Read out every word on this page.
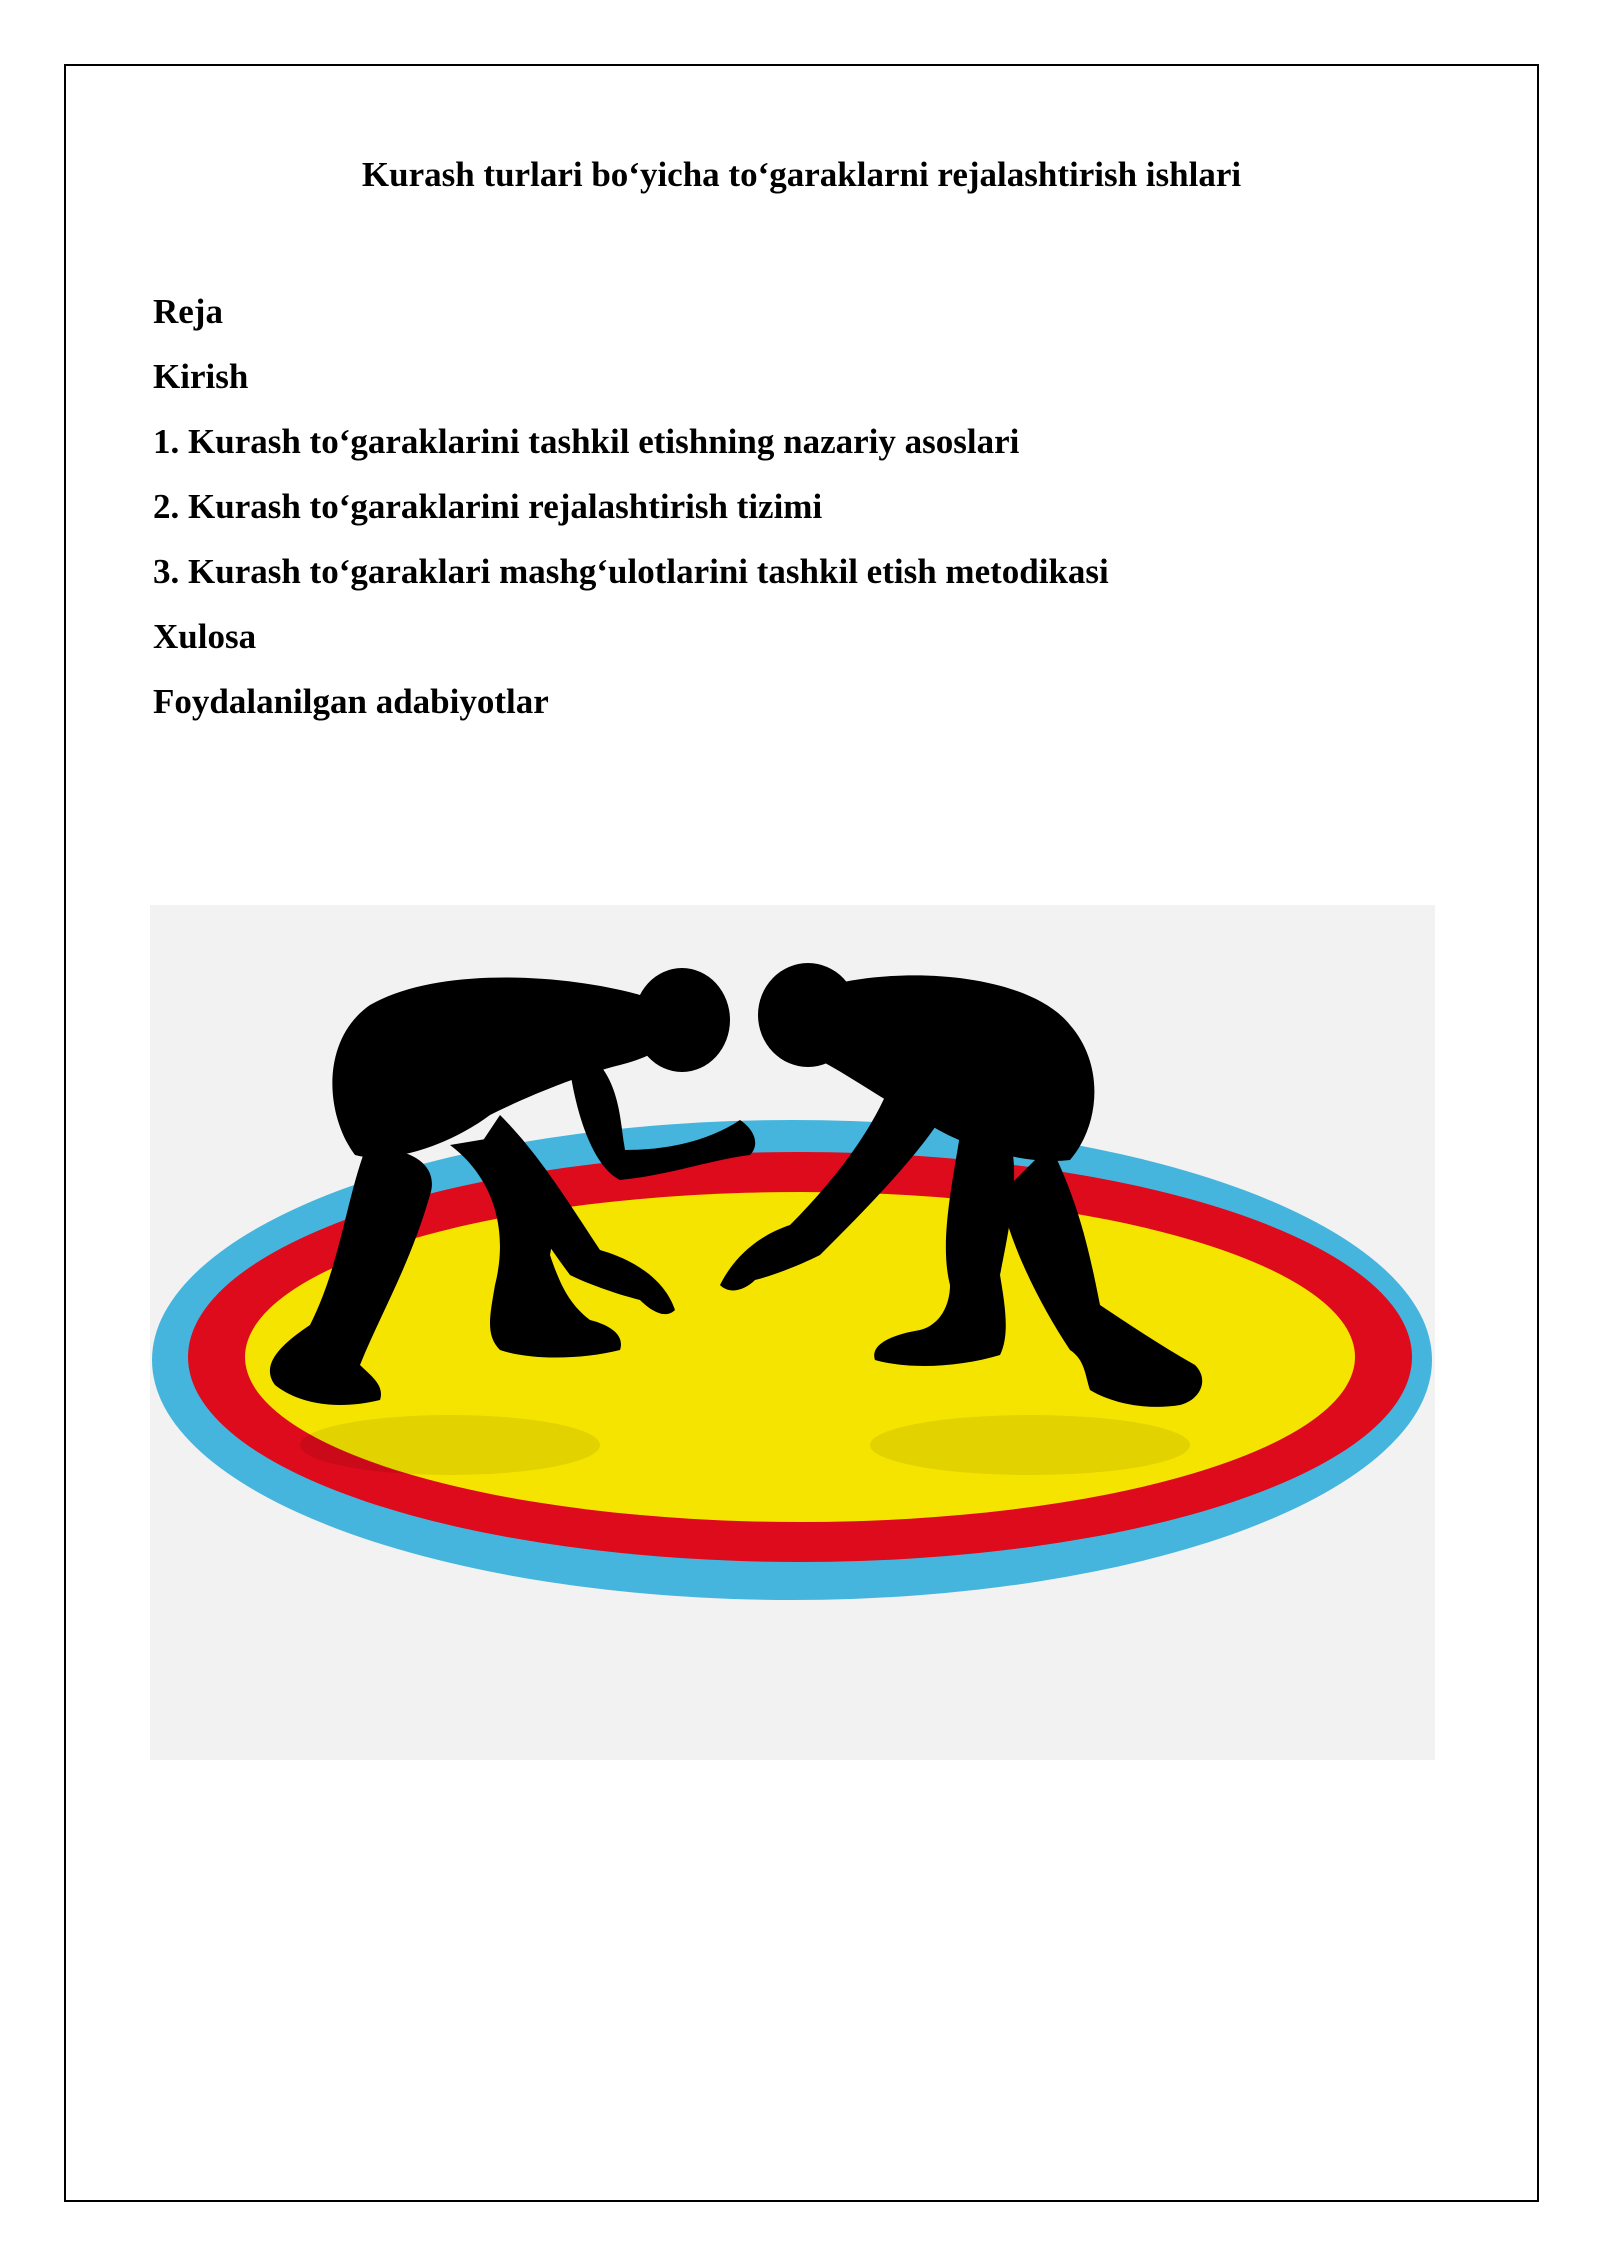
Kurash turlari bo‘yicha to‘garaklarni rejalashtirish ishlari
Reja
Kirish
1. Kurash to‘garaklarini tashkil etishning nazariy asoslari
2. Kurash to‘garaklarini rejalashtirish tizimi
3. Kurash to‘garaklari mashg‘ulotlarini tashkil etish metodikasi
Xulosa
Foydalanilgan adabiyotlar
